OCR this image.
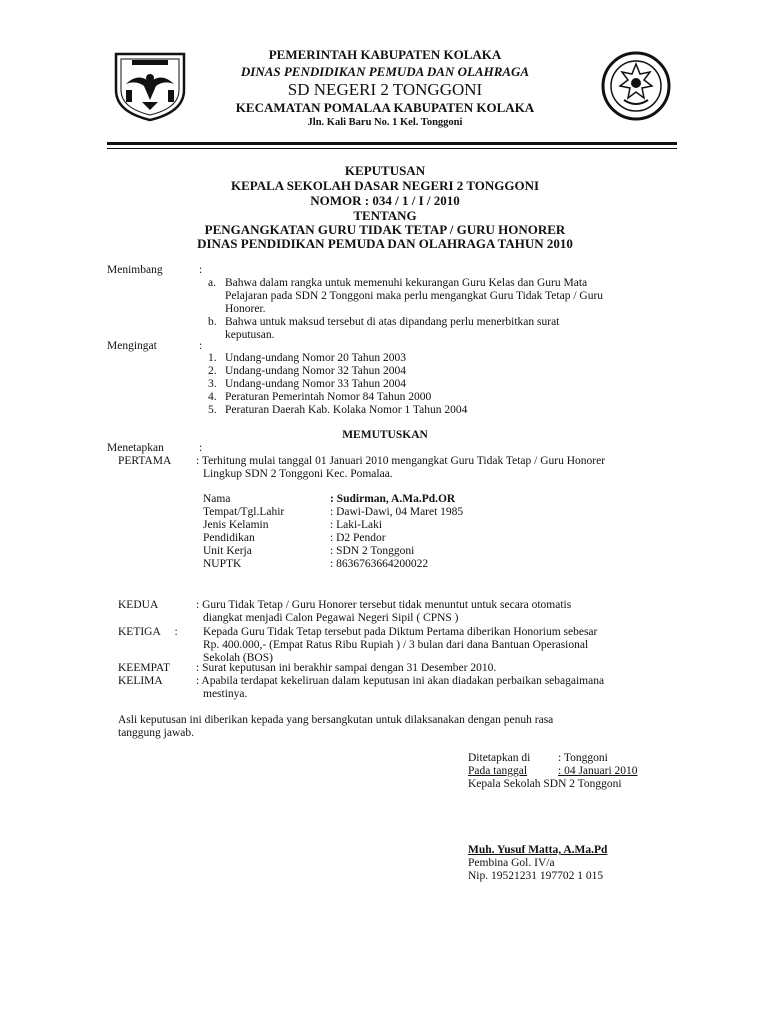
PEMERINTAH KABUPATEN KOLAKA
DINAS PENDIDIKAN PEMUDA DAN OLAHRAGA
SD NEGERI 2 TONGGONI
KECAMATAN POMALAA KABUPATEN KOLAKA
Jln. Kali Baru No. 1 Kel. Tonggoni
KEPUTUSAN
KEPALA SEKOLAH DASAR NEGERI 2 TONGGONI
NOMOR : 034 / 1 / I / 2010
TENTANG
PENGANGKATAN GURU TIDAK TETAP / GURU HONORER
DINAS PENDIDIKAN PEMUDA DAN OLAHRAGA TAHUN 2010
Menimbang	:
a. Bahwa dalam rangka untuk memenuhi kekurangan Guru Kelas dan Guru Mata
Pelajaran pada SDN 2 Tonggoni maka perlu mengangkat Guru Tidak Tetap / Guru
Honorer.
b. Bahwa untuk maksud tersebut di atas dipandang perlu menerbitkan surat
keputusan.
Mengingat	:
1. Undang-undang Nomor 20 Tahun 2003
2. Undang-undang Nomor 32 Tahun 2004
3. Undang-undang Nomor 33 Tahun 2004
4. Peraturan Pemerintah Nomor 84 Tahun 2000
5. Peraturan Daerah Kab. Kolaka Nomor 1 Tahun 2004
MEMUTUSKAN
Menetapkan	:
PERTAMA : Terhitung mulai tanggal 01 Januari 2010 mengangkat Guru Tidak Tetap / Guru Honorer
Lingkup SDN 2 Tonggoni Kec. Pomalaa.
Nama	: Sudirman, A.Ma.Pd.OR
Tempat/Tgl.Lahir	: Dawi-Dawi, 04 Maret 1985
Jenis Kelamin	: Laki-Laki
Pendidikan	: D2 Pendor
Unit Kerja	: SDN 2 Tonggoni
NUPTK	: 8636763664200022
KEDUA	: Guru Tidak Tetap / Guru Honorer tersebut tidak menuntut untuk secara otomatis
diangkat menjadi Calon Pegawai Negeri Sipil ( CPNS )
KETIGA     : Kepada Guru Tidak Tetap tersebut pada Diktum Pertama diberikan Honorium sebesar
Rp. 400.000,- (Empat Ratus Ribu Rupiah ) / 3 bulan dari dana Bantuan Operasional
Sekolah (BOS)
KEEMPAT : Surat keputusan ini berakhir sampai dengan 31 Desember 2010.
KELIMA	: Apabila terdapat kekeliruan dalam keputusan ini akan diadakan perbaikan sebagaimana
mestinya.
Asli keputusan ini diberikan kepada yang bersangkutan untuk dilaksanakan dengan penuh rasa
tanggung jawab.
Ditetapkan di : Tonggoni
Pada tanggal	: 04 Januari 2010
Kepala Sekolah SDN 2 Tonggoni
Muh. Yusuf Matta, A.Ma.Pd
Pembina Gol. IV/a
Nip. 19521231 197702 1 015
